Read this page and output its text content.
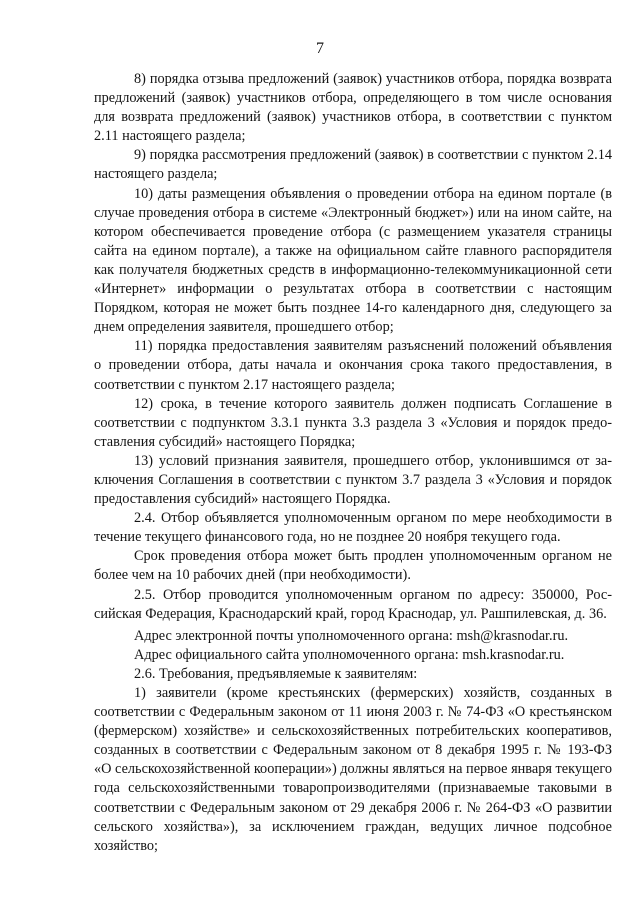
7

8) порядка отзыва предложений (заявок) участников отбора, порядка возврата предложений (заявок) участников отбора, определяющего в том числе основания для возврата предложений (заявок) участников отбора, в соответствии с пунктом 2.11 настоящего раздела;

9) порядка рассмотрения предложений (заявок) в соответствии с пунктом 2.14 настоящего раздела;

10) даты размещения объявления о проведении отбора на едином портале (в случае проведения отбора в системе «Электронный бюджет») или на ином сайте, на котором обеспечивается проведение отбора (с размещением указателя страницы сайта на едином портале), а также на официальном сайте главного распорядителя как получателя бюджетных средств в информационно-телекоммуникационной сети «Интернет» информации о результатах отбора в соответствии с настоящим Порядком, которая не может быть позднее 14-го календарного дня, следующего за днем определения заявителя, прошедшего отбор;

11) порядка предоставления заявителям разъяснений положений объявления о проведении отбора, даты начала и окончания срока такого предоставления, в соответствии с пунктом 2.17 настоящего раздела;

12) срока, в течение которого заявитель должен подписать Соглашение в соответствии с подпунктом 3.3.1 пункта 3.3 раздела 3 «Условия и порядок предоставления субсидий» настоящего Порядка;

13) условий признания заявителя, прошедшего отбор, уклонившимся от заключения Соглашения в соответствии с пунктом 3.7 раздела 3 «Условия и порядок предоставления субсидий» настоящего Порядка.

2.4. Отбор объявляется уполномоченным органом по мере необходимости в течение текущего финансового года, но не позднее 20 ноября текущего года.

Срок проведения отбора может быть продлен уполномоченным органом не более чем на 10 рабочих дней (при необходимости).

2.5. Отбор проводится уполномоченным органом по адресу: 350000, Российская Федерация, Краснодарский край, город Краснодар, ул. Рашпилевская, д. 36.

Адрес электронной почты уполномоченного органа: msh@krasnodar.ru.

Адрес официального сайта уполномоченного органа: msh.krasnodar.ru.

2.6. Требования, предъявляемые к заявителям:

1) заявители (кроме крестьянских (фермерских) хозяйств, созданных в соответствии с Федеральным законом от 11 июня 2003 г. № 74-ФЗ «О крестьянском (фермерском) хозяйстве» и сельскохозяйственных потребительских кооперативов, созданных в соответствии с Федеральным законом от 8 декабря 1995 г. № 193-ФЗ «О сельскохозяйственной кооперации») должны являться на первое января текущего года сельскохозяйственными товаропроизводителями (признаваемые таковыми в соответствии с Федеральным законом от 29 декабря 2006 г. № 264-ФЗ «О развитии сельского хозяйства»), за исключением граждан, ведущих личное подсобное хозяйство;
